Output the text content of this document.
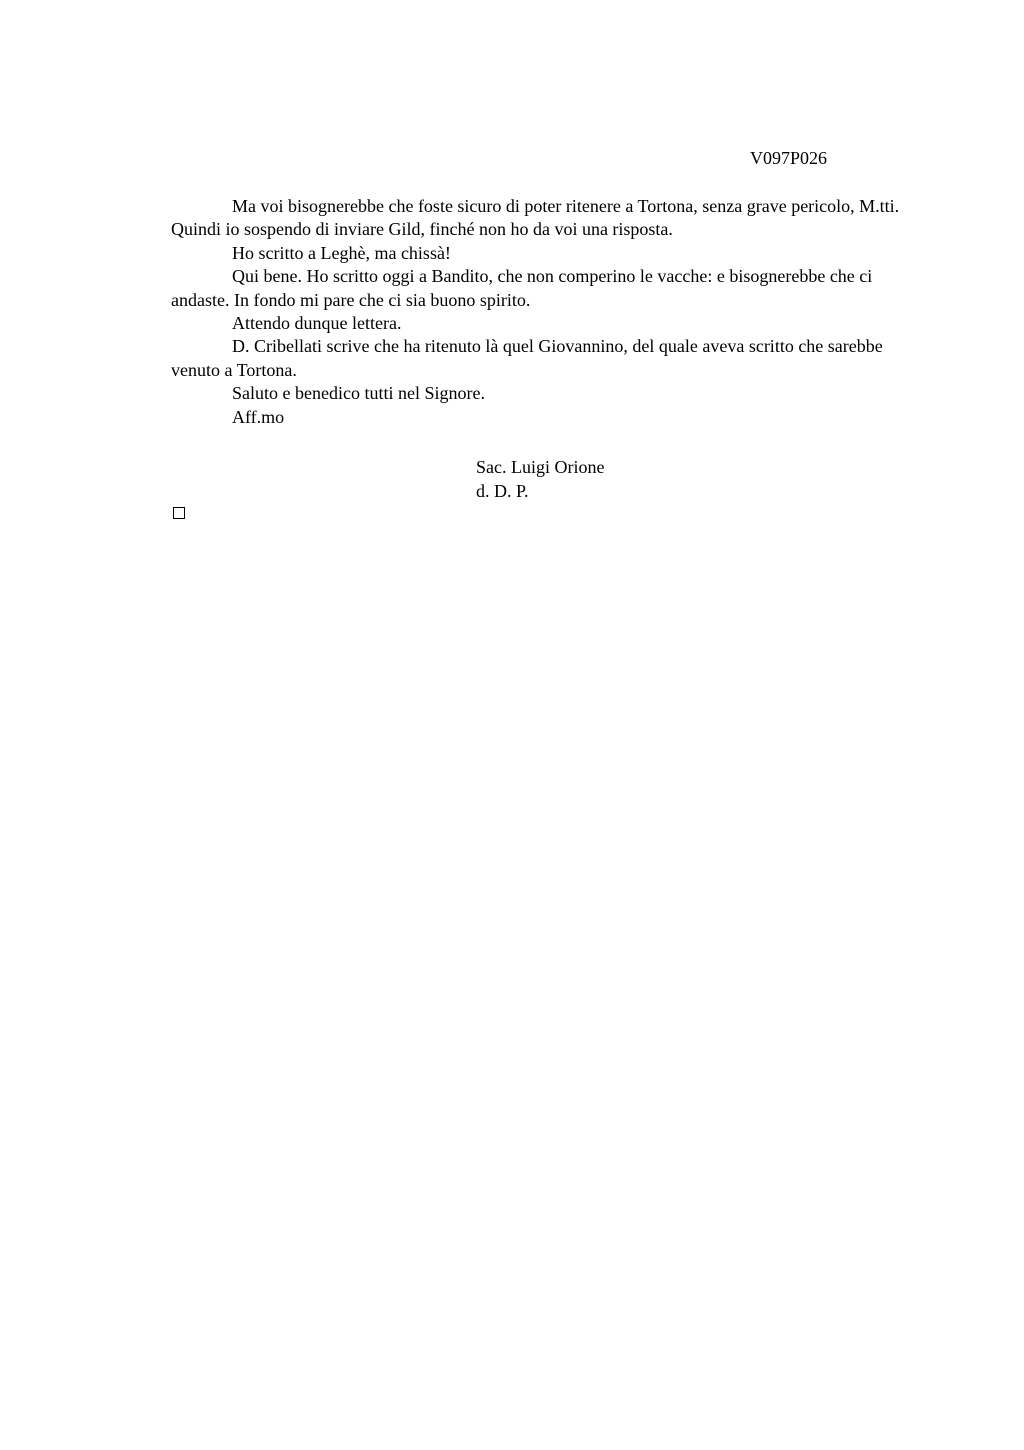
V097P026

Ma voi bisognerebbe che foste sicuro di poter ritenere a Tortona, senza grave pericolo, M.tti. Quindi io sospendo di inviare Gild, finché non ho da voi una risposta.

Ho scritto a Leghè, ma chissà!

Qui bene. Ho scritto oggi a Bandito, che non comperino le vacche: e bisognerebbe che ci andaste. In fondo mi pare che ci sia buono spirito.

Attendo dunque lettera.

D. Cribellati scrive che ha ritenuto là quel Giovannino, del quale aveva scritto che sarebbe venuto a Tortona.

Saluto e benedico tutti nel Signore.

Aff.mo

Sac. Luigi Orione
d. D. P.
